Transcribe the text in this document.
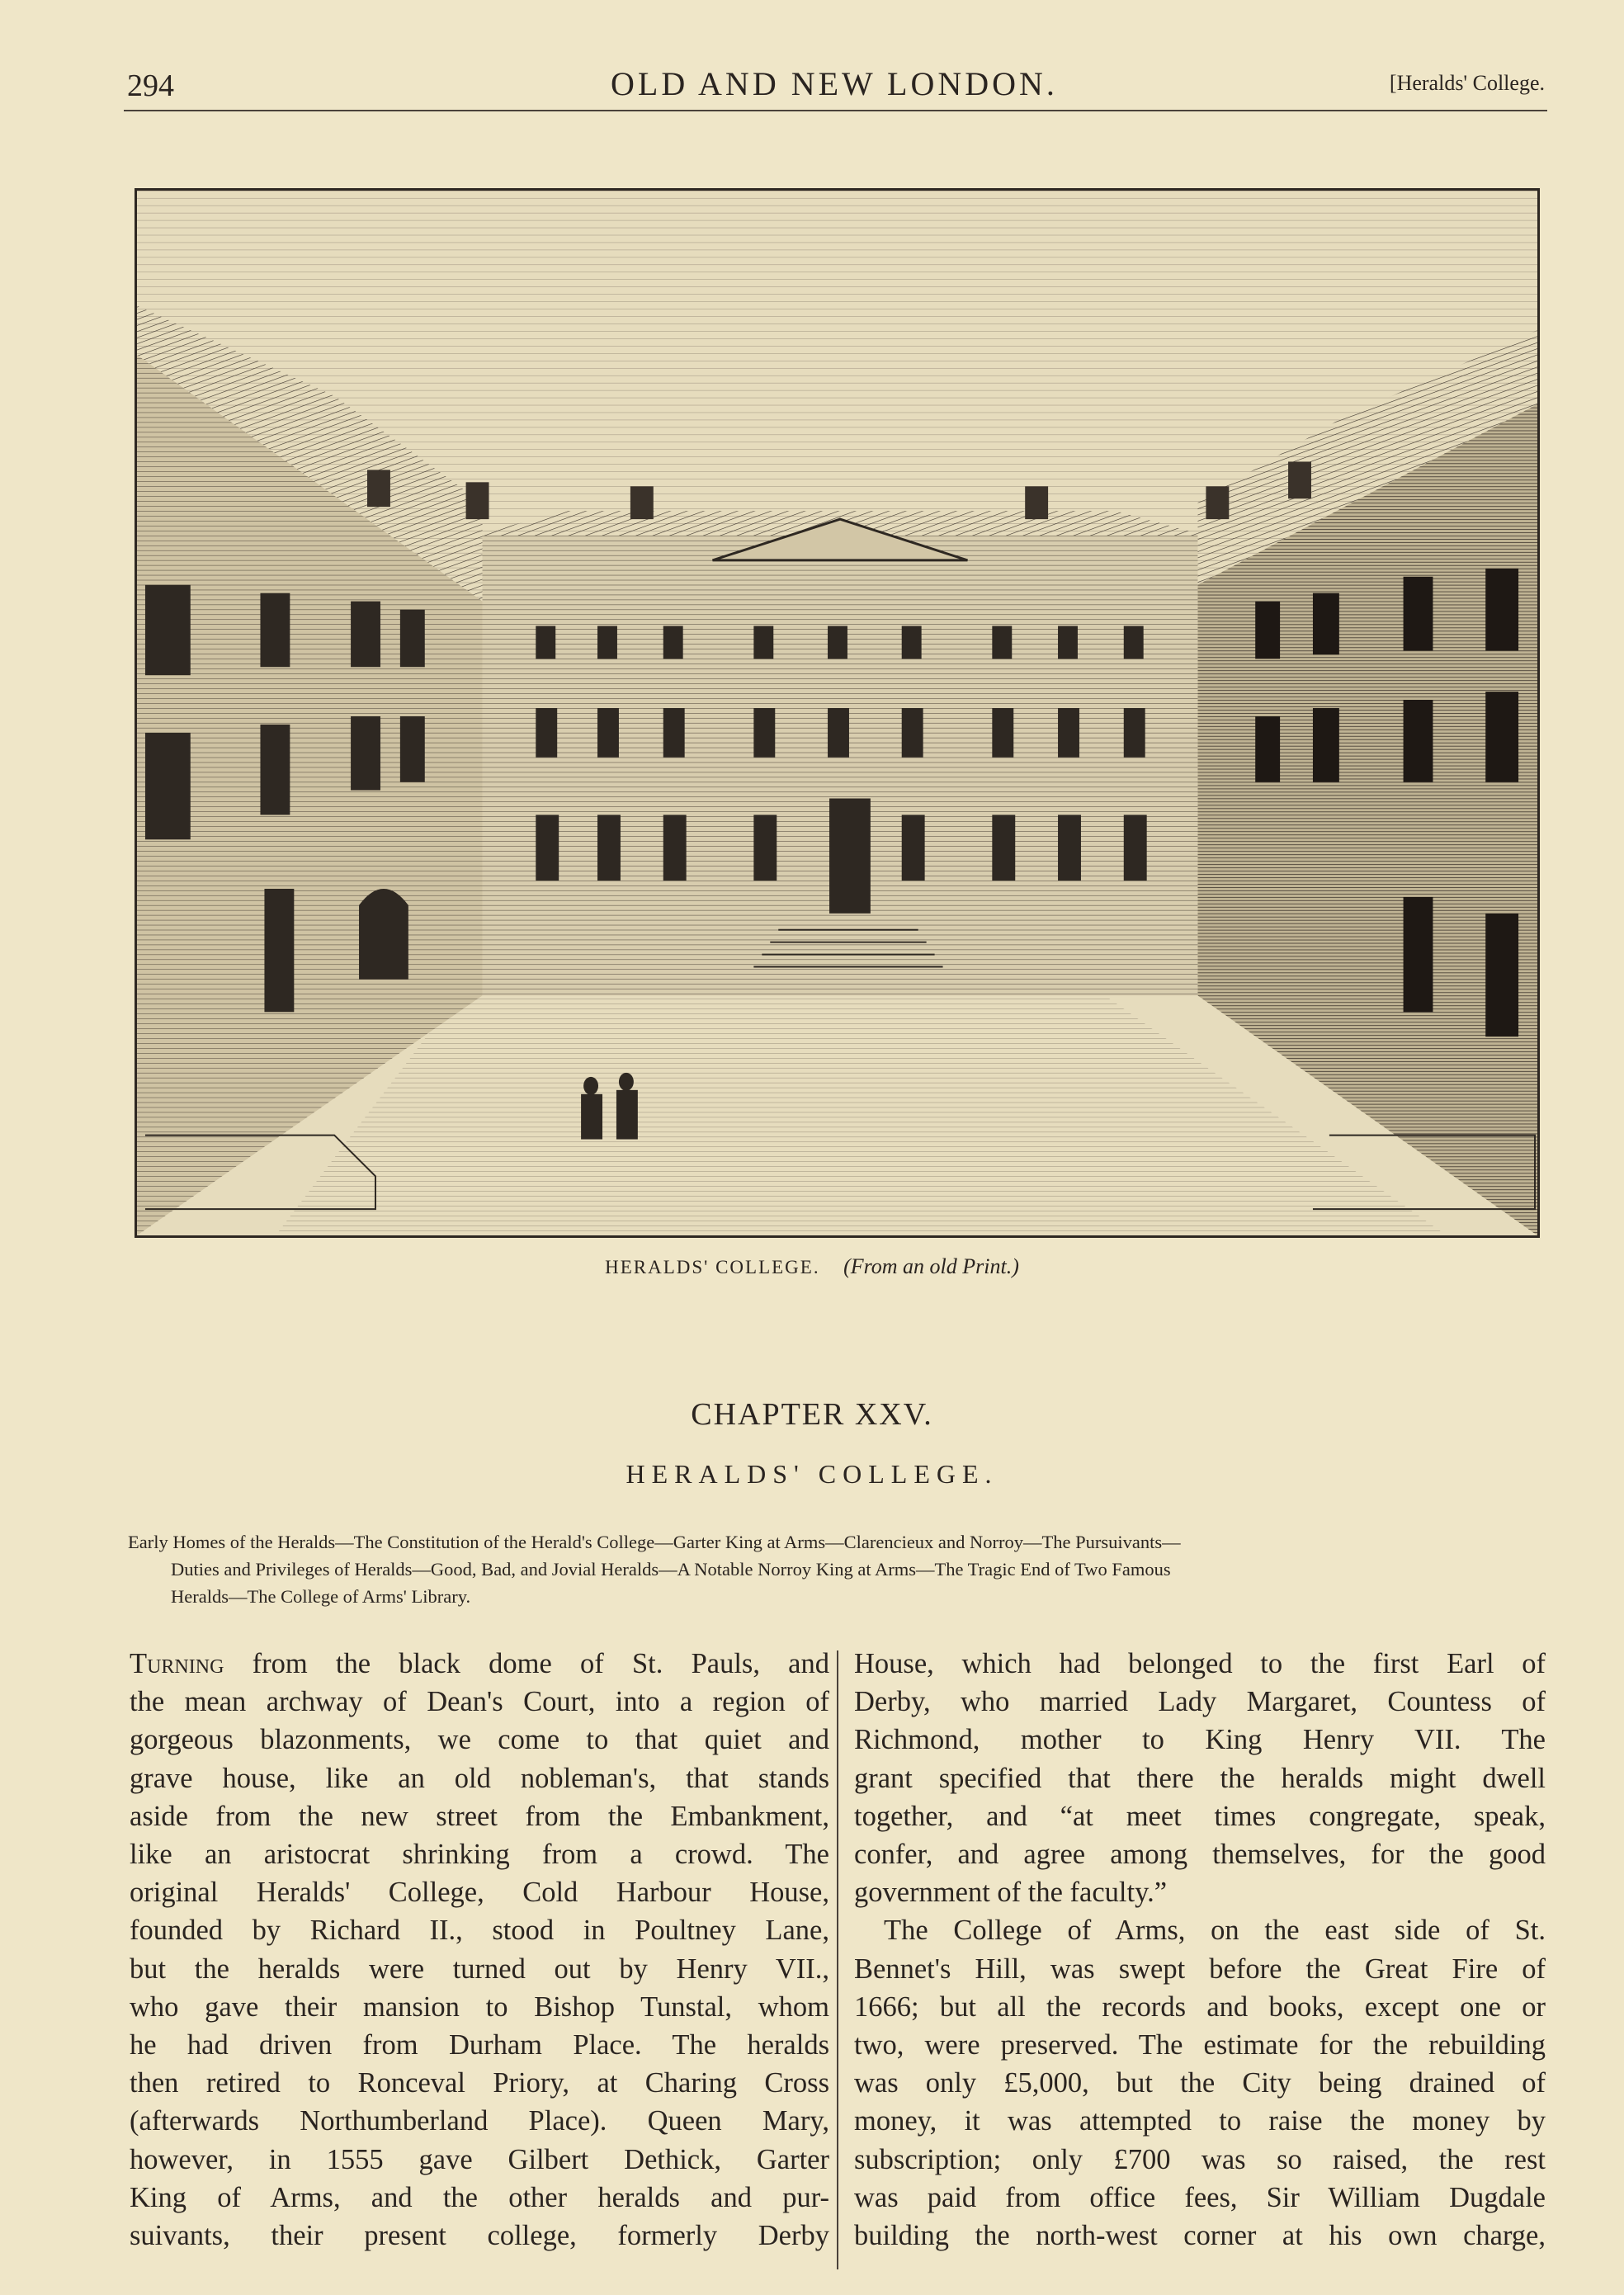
294	OLD AND NEW LONDON.	[Heralds' College.
HERALDS' COLLEGE. (From an old Print.)
CHAPTER XXV.
HERALDS' COLLEGE.
Early Homes of the Heralds—The Constitution of the Herald's College—Garter King at Arms—Clarencieux and Norroy—The Pursuivants—
Duties and Privileges of Heralds—Good, Bad, and Jovial Heralds—A Notable Norroy King at Arms—The Tragic End of Two Famous
Heralds—The College of Arms' Library.
Turning from the black dome of St. Pauls, and
the mean archway of Dean's Court, into a region of
gorgeous blazonments, we come to that quiet and
grave house, like an old nobleman's, that stands
aside from the new street from the Embankment,
like an aristocrat shrinking from a crowd. The
original Heralds' College, Cold Harbour House,
founded by Richard II., stood in Poultney Lane,
but the heralds were turned out by Henry VII.,
who gave their mansion to Bishop Tunstal, whom
he had driven from Durham Place. The heralds
then retired to Ronceval Priory, at Charing Cross
(afterwards Northumberland Place). Queen Mary,
however, in 1555 gave Gilbert Dethick, Garter
King of Arms, and the other heralds and pur-
suivants, their present college, formerly Derby
House, which had belonged to the first Earl of
Derby, who married Lady Margaret, Countess of
Richmond, mother to King Henry VII. The
grant specified that there the heralds might dwell
together, and “at meet times congregate, speak,
confer, and agree among themselves, for the good
government of the faculty.”
The College of Arms, on the east side of St.
Bennet's Hill, was swept before the Great Fire of
1666; but all the records and books, except one or
two, were preserved. The estimate for the rebuilding
was only £5,000, but the City being drained of
money, it was attempted to raise the money by
subscription; only £700 was so raised, the rest
was paid from office fees, Sir William Dugdale
building the north-west corner at his own charge,
